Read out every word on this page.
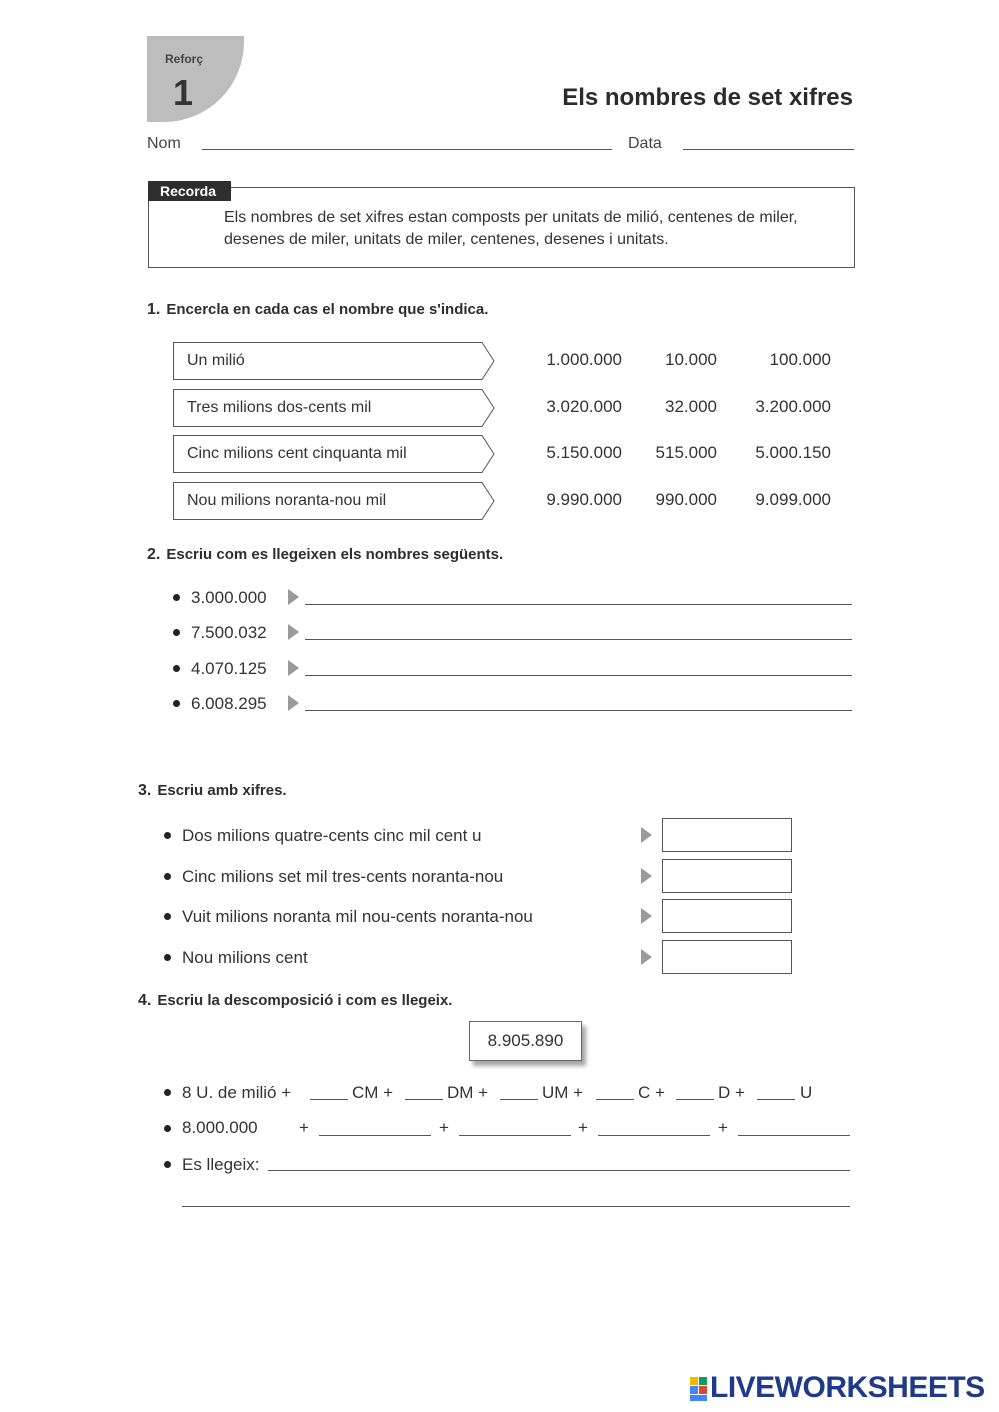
Reforç
1	Els nombres de set xifres
Nom	Data
Recorda
Els nombres de set xifres estan composts per unitats de milió, centenes de miler, desenes de miler, unitats de miler, centenes, desenes i unitats.
1. Encercla en cada cas el nombre que s'indica.
Un milió	1.000.000	10.000	100.000
Tres milions dos-cents mil	3.020.000	32.000	3.200.000
Cinc milions cent cinquanta mil	5.150.000	515.000	5.000.150
Nou milions noranta-nou mil	9.990.000	990.000	9.099.000
2. Escriu com es llegeixen els nombres següents.
3.000.000
7.500.032
4.070.125
6.008.295
3. Escriu amb xifres.
Dos milions quatre-cents cinc mil cent u
Cinc milions set mil tres-cents noranta-nou
Vuit milions noranta mil nou-cents noranta-nou
Nou milions cent
4. Escriu la descomposició i com es llegeix.
8.905.890
8 U. de milió +	CM +	DM +	UM +	C +	D +	U
8.000.000 +	+	+	+
Es llegeix:
LIVEWORKSHEETS
